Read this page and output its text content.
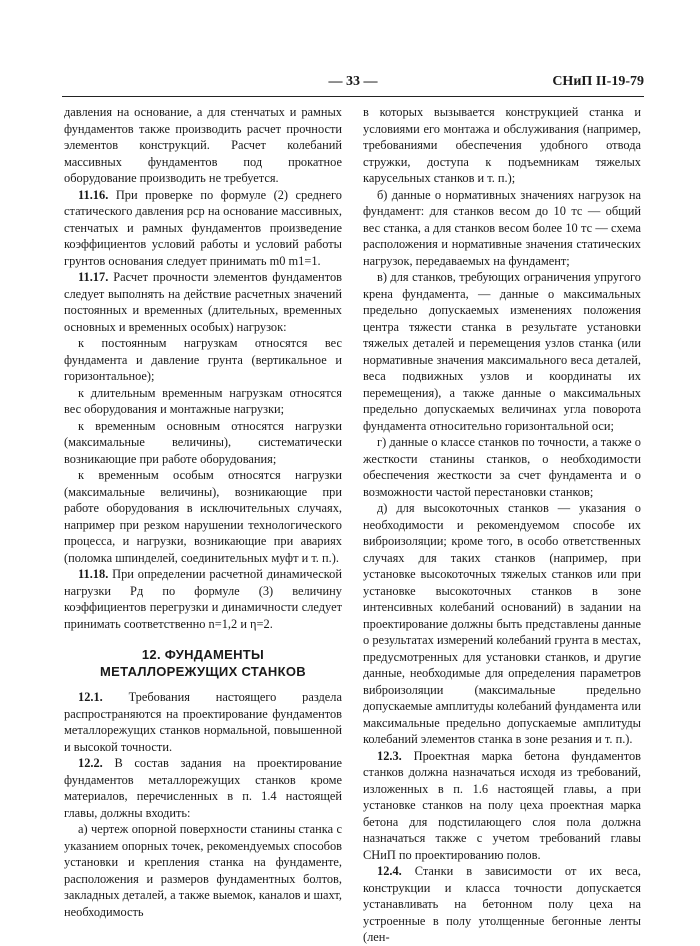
— 33 —	СНиП II-19-79

давления на основание, а для стенчатых и рамных фундаментов также производить расчет прочности элементов конструкций. Расчет колебаний массивных фундаментов под прокатное оборудование производить не требуется.

11.16. При проверке по формуле (2) среднего статического давления pср на основание массивных, стенчатых и рамных фундаментов произведение коэффициентов условий работы и условий работы грунтов основания следует принимать m0 m1=1.

11.17. Расчет прочности элементов фундаментов следует выполнять на действие расчетных значений постоянных и временных (длительных, временных основных и временных особых) нагрузок:

к постоянным нагрузкам относятся вес фундамента и давление грунта (вертикальное и горизонтальное);

к длительным временным нагрузкам относятся вес оборудования и монтажные нагрузки;

к временным основным относятся нагрузки (максимальные величины), систематически возникающие при работе оборудования;

к временным особым относятся нагрузки (максимальные величины), возникающие при работе оборудования в исключительных случаях, например при резком нарушении технологического процесса, и нагрузки, возникающие при авариях (поломка шпинделей, соединительных муфт и т. п.).

11.18. При определении расчетной динамической нагрузки Pд по формуле (3) величину коэффициентов перегрузки и динамичности следует принимать соответственно n=1,2 и η=2.

12. ФУНДАМЕНТЫ
МЕТАЛЛОРЕЖУЩИХ СТАНКОВ

12.1. Требования настоящего раздела распространяются на проектирование фундаментов металлорежущих станков нормальной, повышенной и высокой точности.

12.2. В состав задания на проектирование фундаментов металлорежущих станков кроме материалов, перечисленных в п. 1.4 настоящей главы, должны входить:

а) чертеж опорной поверхности станины станка с указанием опорных точек, рекомендуемых способов установки и крепления станка на фундаменте, расположения и размеров фундаментных болтов, закладных деталей, а также выемок, каналов и шахт, необходимость

в которых вызывается конструкцией станка и условиями его монтажа и обслуживания (например, требованиями обеспечения удобного отвода стружки, доступа к подъемникам тяжелых карусельных станков и т. п.);

б) данные о нормативных значениях нагрузок на фундамент: для станков весом до 10 тс — общий вес станка, а для станков весом более 10 тс — схема расположения и нормативные значения статических нагрузок, передаваемых на фундамент;

в) для станков, требующих ограничения упругого крена фундамента, — данные о максимальных предельно допускаемых изменениях положения центра тяжести станка в результате установки тяжелых деталей и перемещения узлов станка (или нормативные значения максимального веса деталей, веса подвижных узлов и координаты их перемещения), а также данные о максимальных предельно допускаемых величинах угла поворота фундамента относительно горизонтальной оси;

г) данные о классе станков по точности, а также о жесткости станины станков, о необходимости обеспечения жесткости за счет фундамента и о возможности частой перестановки станков;

д) для высокоточных станков — указания о необходимости и рекомендуемом способе их виброизоляции; кроме того, в особо ответственных случаях для таких станков (например, при установке высокоточных тяжелых станков или при установке высокоточных станков в зоне интенсивных колебаний оснований) в задании на проектирование должны быть представлены данные о результатах измерений колебаний грунта в местах, предусмотренных для установки станков, и другие данные, необходимые для определения параметров виброизоляции (максимальные предельно допускаемые амплитуды колебаний фундамента или максимальные предельно допускаемые амплитуды колебаний элементов станка в зоне резания и т. п.).

12.3. Проектная марка бетона фундаментов станков должна назначаться исходя из требований, изложенных в п. 1.6 настоящей главы, а при установке станков на полу цеха проектная марка бетона для подстилающего слоя пола должна назначаться также с учетом требований главы СНиП по проектированию полов.

12.4. Станки в зависимости от их веса, конструкции и класса точности допускается устанавливать на бетонном полу цеха на устроенные в полу утолщенные бегонные ленты (лен-
